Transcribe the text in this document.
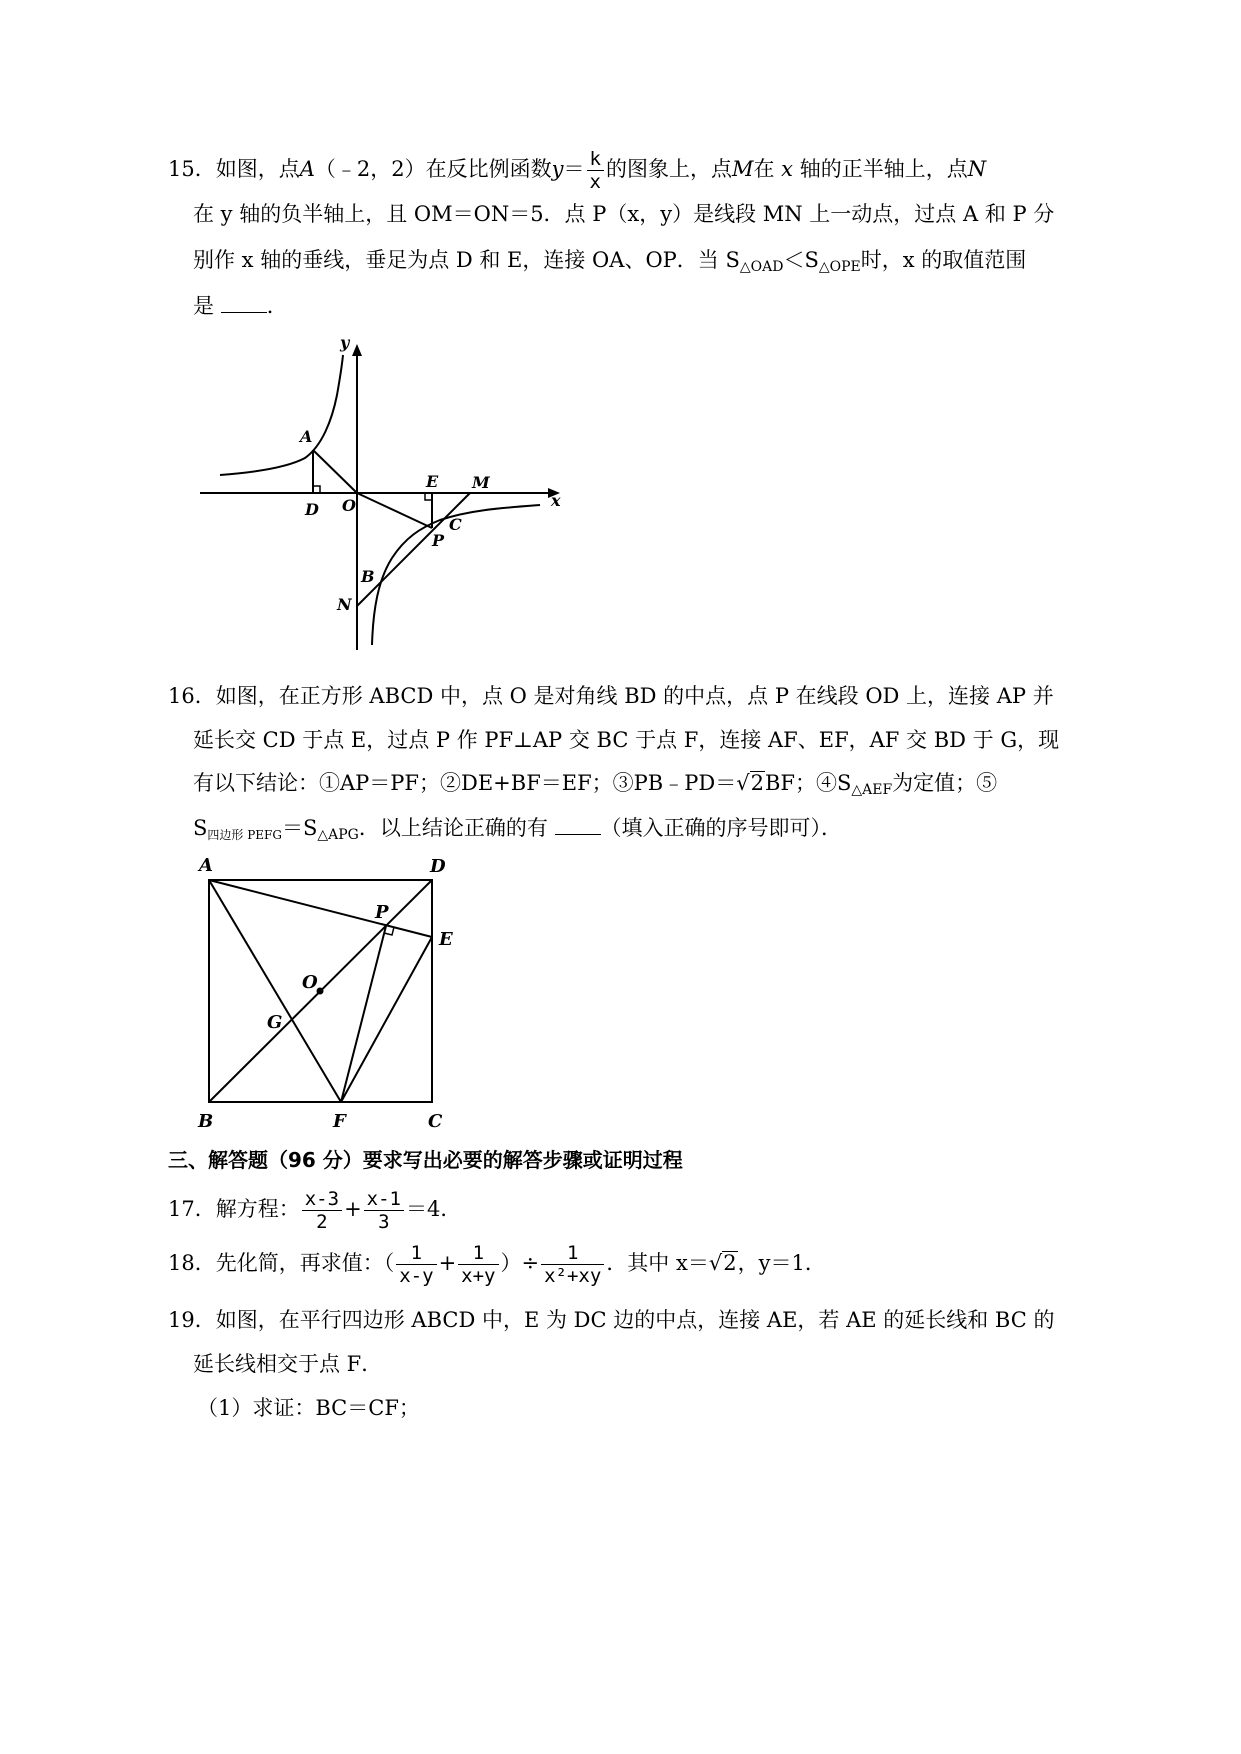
15．如图，点A（﹣2，2）在反比例函数$y= \frac{k}{x}$ 的图象上，点M在 x 轴的正半轴上，点N
在 y 轴的负半轴上，且 OM＝ON＝5．点 P（x，y）是线段 MN 上一动点，过点 A 和 P 分
别作 x 轴的垂线，垂足为点 D 和 E，连接 OA、OP．当 $S_{\triangle OAD}<S_{\triangle OPE}$时，x 的取值范围
是	．
y
x
A
D O
E M
C
P
B
N
16．如图，在正方形 ABCD 中，点 O 是对角线 BD 的中点，点 P 在线段 OD 上，连接 AP 并
延长交 CD 于点 E，过点 P 作 PF⊥AP 交 BC 于点 F，连接 AF、EF，AF 交 BD 于 G，现
有以下结论：①AP＝PF；②DE+BF＝EF；③PB﹣PD＝√2BF；$④S_{\triangle AEF}$为定值；⑤
$S_{四边形 PEFG}=S_{\triangle APG}$．以上结论正确的有	（填入正确的序号即可）．
A	D
P
E
O
G
B	F	C
三、解答题（96 分）要求写出必要的解答步骤或证明过程
17．解方程： $\frac{x-3}{2} + \frac{x-1}{3} =4$．
18．先化简，再求值：（ $\frac{1}{x-y} + \frac{1}{x+y}$ ）÷ $\frac{1}{\text{x²+xy}}$ ．其中 x＝√2，y＝1．
19．如图，在平行四边形 ABCD 中，E 为 DC 边的中点，连接 AE，若 AE 的延长线和 BC 的
延长线相交于点 F．
（1）求证：BC＝CF；
